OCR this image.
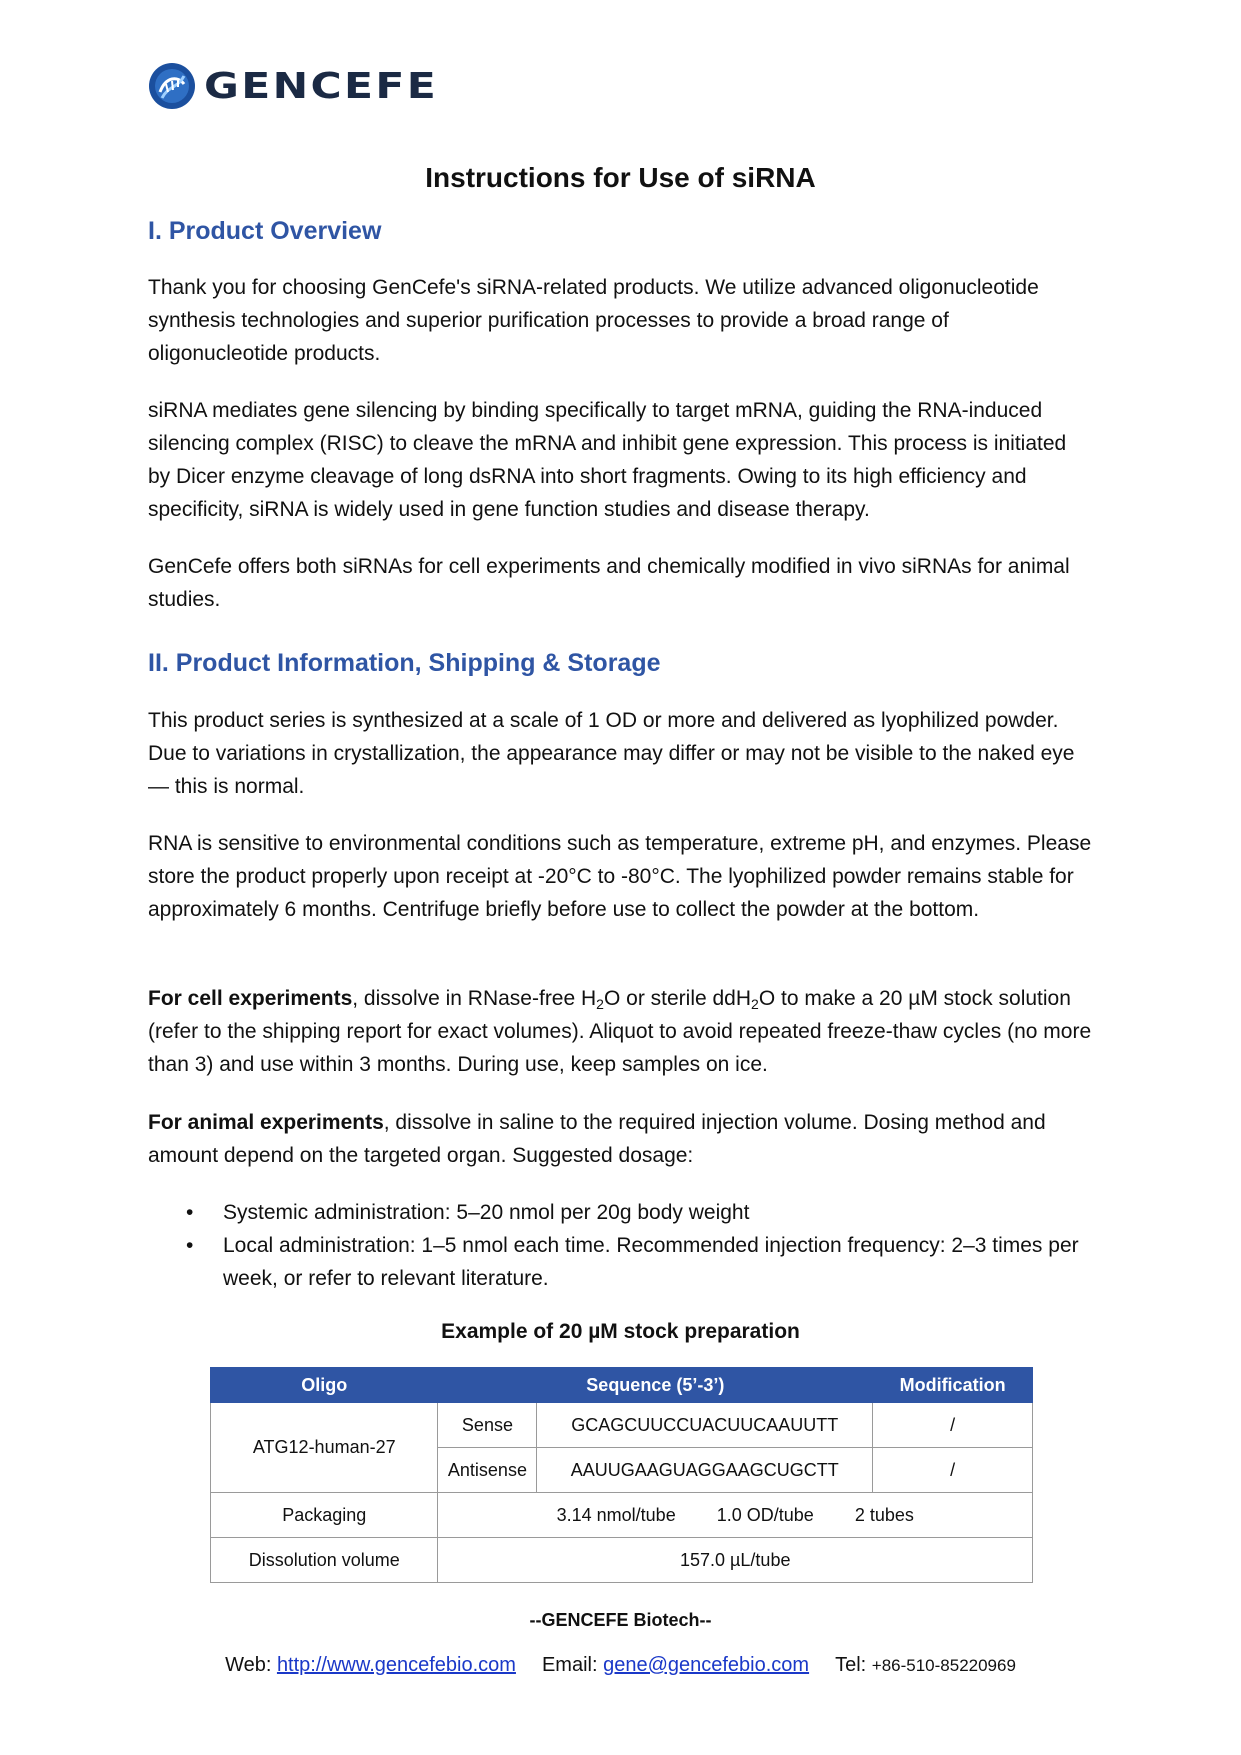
GENCEFE
Instructions for Use of siRNA
I. Product Overview
Thank you for choosing GenCefe's siRNA-related products. We utilize advanced oligonucleotide synthesis technologies and superior purification processes to provide a broad range of oligonucleotide products.
siRNA mediates gene silencing by binding specifically to target mRNA, guiding the RNA-induced silencing complex (RISC) to cleave the mRNA and inhibit gene expression. This process is initiated by Dicer enzyme cleavage of long dsRNA into short fragments. Owing to its high efficiency and specificity, siRNA is widely used in gene function studies and disease therapy.
GenCefe offers both siRNAs for cell experiments and chemically modified in vivo siRNAs for animal studies.
II. Product Information, Shipping & Storage
This product series is synthesized at a scale of 1 OD or more and delivered as lyophilized powder. Due to variations in crystallization, the appearance may differ or may not be visible to the naked eye — this is normal.
RNA is sensitive to environmental conditions such as temperature, extreme pH, and enzymes. Please store the product properly upon receipt at -20°C to -80°C. The lyophilized powder remains stable for approximately 6 months. Centrifuge briefly before use to collect the powder at the bottom.
For cell experiments, dissolve in RNase-free $H_2O$ or sterile ddH$_2$O to make a 20 µM stock solution (refer to the shipping report for exact volumes). Aliquot to avoid repeated freeze-thaw cycles (no more than 3) and use within 3 months. During use, keep samples on ice.
For animal experiments, dissolve in saline to the required injection volume. Dosing method and amount depend on the targeted organ. Suggested dosage:
• Systemic administration: 5–20 nmol per 20g body weight
• Local administration: 1–5 nmol each time. Recommended injection frequency: 2–3 times per week, or refer to relevant literature.
Example of 20 µM stock preparation
Oligo	Sequence (5’-3’)		Modification
ATG12-human-27	Sense	GCAGCUUCCUACUUCAAUUTT	/
	Antisense	AAUUGAAGUAGGAAGCUGCTT	/
Packaging	3.14 nmol/tube 1.0 OD/tube 2 tubes		
Dissolution volume	157.0 µL/tube		
--GENCEFE Biotech--
Web: http://www.gencefebio.com Email: gene@gencefebio.com Tel: +86-510-85220969
